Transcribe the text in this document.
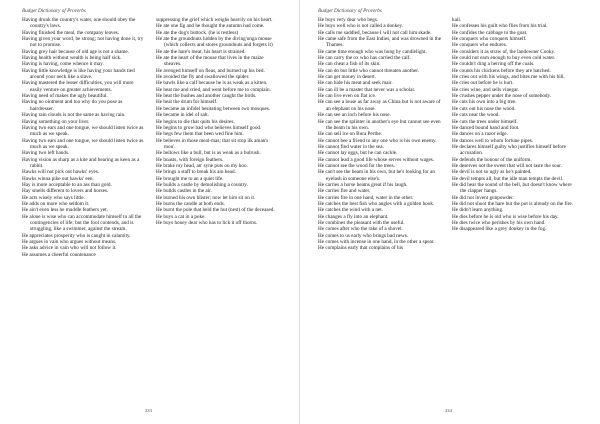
Budget Dictionary of Proverbs
Having drunk the country's water, one should obey the country's laws.
Having finished the meal, the company leaves.
Having given your word, be strong; not having done it, try not to promise.
Having grey hair because of old age is not a shame.
Having health without wealth is being half sick.
Having is having, come whence it may.
Having little knowledge is like having your hands tied around your neck like a slave.
Having mastered the lesser difficulties, you will more easily venture on greater achievements.
Having need of makes the ugly beautiful.
Having no ointment and too why do you pose as hairdresser.
Having rain clouds is not the same as having rain.
Having something on your liver.
Having two ears and one tongue, we should listen twice as much as we speak.
Having two ears and one tongue, we should listen twice as much as we speak.
Having two left hands.
Having vision as sharp as a kite and hearing as keen as a rabbit.
Hawks will not pick out hawks' eyes.
Hawks winna pike out hawks' een.
Hay is more acceptable to an ass than gold.
Hay smells different to lovers and horses.
He acts wisely who says little.
He adds on more who seldom it.
He ain't even less he muddle feathers yet.
He alone is wise who can accommodate himself to all the contingencies of life; but the fool contends, and is struggling, like a swimmer, against the stream.
He appreciates prosperity who is caught in calamity.
He argues in vain who argues without means.
He asks advice in vain who will not follow it.
He assumes a cheerful countenance
suppressing the grief which weighs heavily on his heart.
He ate one fig and he thought the autumn had come.
He ate the dog's buttock. (he is restless)
He ate the groundnuts hidden by the diving'onga mouse (which collects and stores groundnuts and forgets it)
He ate the hare's meat, his heart is strained.
He ate the heart of the mouse that lives in the maize sheaves.
He avenged himself on fleas, and burned up his bed.
He avoided the fly and swallowed the spider.
He bawls like a calf because he is as weak as a kitten.
He beat me and cried, and went before me to complain.
He beat the bushes and another caught the birds.
He beat the drum for himself.
He became an infidel hesitating between two mosques.
He became in idel of salt.
He begins to die that quits his desires.
He begins to grow bad who believes himself good.
He begs few them that been wed fine him.
He believes in those meal-mas; that sit stop ilk aman's mou'.
He bellows like a bull, but is as weak as a bulrush.
He boasts, with foreign feathers.
He brake my head, an' syne puts on my hoo.
He brings a staff to break his ain head.
He brought me to an a quiet life.
He builds a castle by demolishing a country.
He builds castles in the air.
He burned his own blister; now let him sit on it.
He burns the candle at both ends.
He burnt the pole that held the hut (nest) of the deceased.
He buys a cat in a poke.
He buys honey dear who has to lick it off thorns.
233
Budget Dictionary of Proverbs
He buys very dear who begs.
He buys well who is not called a donkey.
He calls me saddled, because I will not call him skade.
He came safe from the East Indies, and was drowned in the Thames.
He came time enough who was hung by candlelight.
He can carry the ox who has carried the calf.
He can cheat a fish of its skin.
He can do but little who cannot threaten another.
He can get money in desert.
He can hide his meat and seek mair.
He can ill be a master that never was a scholar.
He can live even on flat ice.
He can see a louse as far away as China but is not aware of an elephant on his nose.
He can see an inch before his nose.
He can see the splinter in another's eye but cannot see even the beam in his own.
He can sell ice on Bura Perthe.
He cannot bee a friend to any one who is his own enemy.
He cannot find water in the sea.
He cannot lay eggs, but he can cackle.
He cannot lead a good life whose serves without wages.
He cannot see the wood for the trees.
He can't see the beam in his own, but he's looking for an eyelash in someone else's.
He carries a horse beams great if his laugh.
He carries fire and water.
He carries fire in one hand, water in the other.
He catches the best fish who angles with a golden hook.
He catches the wind with a net.
He changes a fly into an elephant.
He combines the pleasant with the useful.
He comes after who the rake of a shovel.
He comes to us early who brings bad news.
He comes with incense in one hand, in the other a spear.
He complains early that complains of his
kail.
He confesses his guilt who flies from his trial.
He confides the cabbage to the goat.
He conquers who conquers himself.
He conquers who endures.
He considers it as straw of, the landowner Cooky.
He could not earn enough to buy even cold water.
He couldn't drag a herring off the coals.
He counts his chickens before they are hatched.
He cries out with his wings, and bites me with his bill.
He cries out before he is hurt.
He cries wine, and sells vinegar.
He crushes pepper under the nose of somebody.
He cuts his own into a big tree.
He cuts out his nose the wood.
He cuts near the wood.
He cuts the trees under himself.
He danced bound hand and foot.
He dances on a razor edge.
He dances well to whom fortune pipes.
He declares himself guilty who justifies himself before accusation.
He defends the honour of the uniform.
He deserves not the sweet that will not taste the sour.
He devil is not so ugly as he's painted.
He devil tempts all, but the idle man tempts the devil.
He did hear the sound of the bell, but doesn't know where the clapper hangs.
He did not invent gunpowder.
He did not shoot the hare but the pot is already on the fire.
He didn't learn anything.
He dies before he is old who is wise before his day.
He dies twice who perishes by his own hand.
He disappeared like a grey donkey in the fog.
234
